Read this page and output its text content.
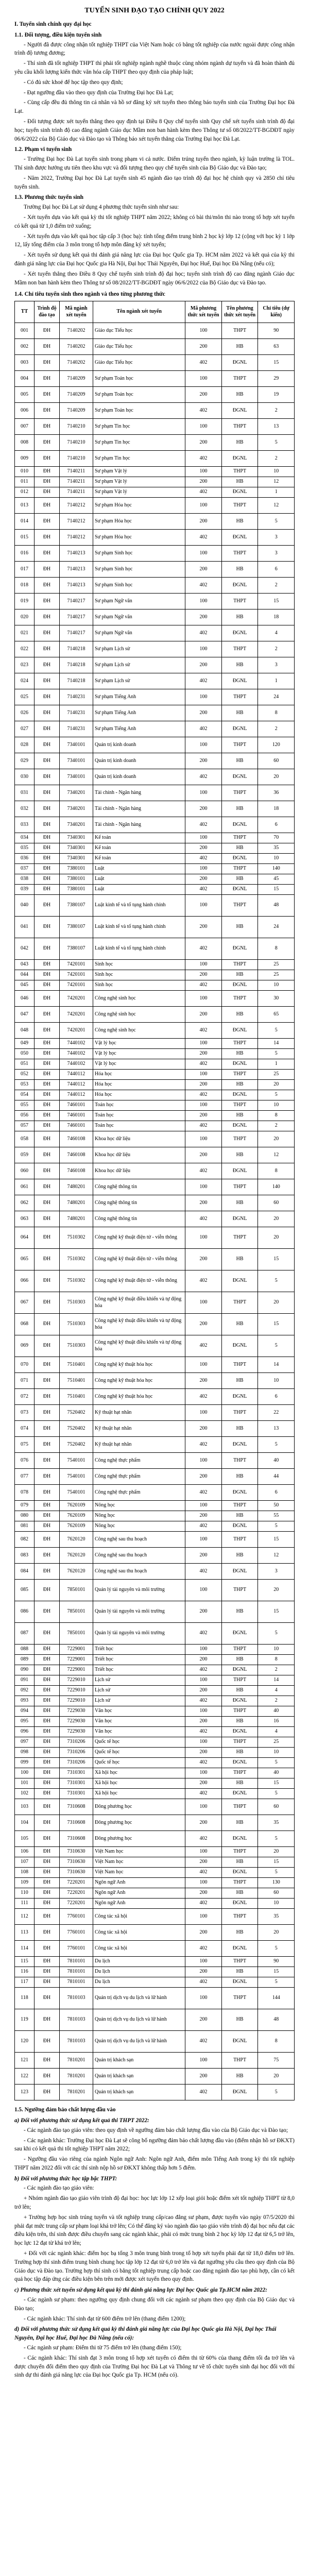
TUYỂN SINH ĐẠO TẠO CHÍNH QUY 2022
I. Tuyển sinh chính quy đại học
1.1. Đối tượng, điều kiện tuyển sinh

- Người đã được công nhận tốt nghiệp THPT của Việt Nam hoặc có bằng tốt nghiệp của nước ngoài được công nhận trình độ tương đương;

- Thí sinh đã tốt nghiệp THPT thì phải tốt nghiệp ngành nghề thuộc cùng nhóm ngành dự tuyển và đã hoàn thành đủ yêu cầu khối lượng kiến thức văn hóa cấp THPT theo quy định của pháp luật;

- Có đủ sức khoẻ để học tập theo quy định;

- Đạt ngưỡng đầu vào theo quy định của Trường Đại học Đà Lạt;

- Cùng cấp đều đủ thông tin cá nhân và hồ sơ đăng ký xét tuyển theo thông báo tuyển sinh của Trường Đại học Đà Lạt.

- Đối tượng được xét tuyển thẳng theo quy định tại Điều 8 Quy chế tuyển sinh Quy chế xét tuyển sinh trình độ đại học; tuyển sinh trình độ cao đẳng ngành Giáo dục Mầm non ban hành kèm theo Thông tư số 08/2022/TT-BGDĐT ngày 06/6/2022 của Bộ Giáo dục và Đào tạo và Thông báo xét tuyển thẳng của Trường Đại học Đà Lạt.

1.2. Phạm vi tuyển sinh

- Trường Đại học Đà Lạt tuyển sinh trong phạm vi cả nước. Điểm trúng tuyển theo ngành, kỳ luận trường là TOL. Thí sinh được hưởng ưu tiên theo khu vực và đối tượng theo quy chế tuyển sinh của Bộ Giáo dục và Đào tạo;

- Năm 2022, Trường Đại học Đà Lạt tuyển sinh 45 ngành đào tạo trình độ đại học hệ chính quy và 2850 chỉ tiêu tuyển sinh.

1.3. Phương thức tuyển sinh

Trường Đại học Đà Lạt sử dụng 4 phương thức tuyển sinh như sau:

- Xét tuyển dựa vào kết quả kỳ thi tốt nghiệp THPT năm 2022; không có bài thi/môn thi nào trong tổ hợp xét tuyển có kết quả từ 1,0 điểm trở xuống;

- Xét tuyển dựa vào kết quả học tập cấp 3 (học bạ): tính tổng điểm trung bình 2 học kỳ lớp 12 (cộng với học kỳ 1 lớp 12, lấy tổng điểm của 3 môn trong tổ hợp môn đăng ký xét tuyển;

- Xét tuyển sử dụng kết quả thi đánh giá năng lực của Đại học Quốc gia Tp. HCM năm 2022 và kết quả của kỳ thi đánh giá năng lực của Đại học Quốc gia Hà Nội, Đại học Thái Nguyên, Đại học Huế, Đại học Đà Nẵng (nếu có);

- Xét tuyển thẳng theo Điều 8 Quy chế tuyển sinh trình độ đại học; tuyển sinh trình độ cao đẳng ngành Giáo dục Mầm non ban hành kèm theo Thông tư số 08/2022/TT-BGDĐT ngày 06/6/2022 của Bộ Giáo dục và Đào tạo.

1.4. Chỉ tiêu tuyển sinh theo ngành và theo từng phương thức
TT	Trình độ đào tạo	Mã ngành xét tuyển	Tên ngành xét tuyển	Mã phương thức xét tuyển	Tên phương thức xét tuyển	Chỉ tiêu (dự kiến)
001	ĐH	7140202	Giáo dục Tiểu học	100	THPT	90
002	ĐH	7140202	Giáo dục Tiểu học	200	HB	63
003	ĐH	7140202	Giáo dục Tiểu học	402	ĐGNL	15
004	ĐH	7140209	Sư phạm Toán học	100	THPT	29
005	ĐH	7140209	Sư phạm Toán học	200	HB	19
006	ĐH	7140209	Sư phạm Toán học	402	ĐGNL	2
007	ĐH	7140210	Sư phạm Tin học	100	THPT	13
008	ĐH	7140210	Sư phạm Tin học	200	HB	5
009	ĐH	7140210	Sư phạm Tin học	402	ĐGNL	2
010	ĐH	7140211	Sư phạm Vật lý	100	THPT	10
011	ĐH	7140211	Sư phạm Vật lý	200	HB	12
012	ĐH	7140211	Sư phạm Vật lý	402	ĐGNL	1
013	ĐH	7140212	Sư phạm Hóa học	100	THPT	12
014	ĐH	7140212	Sư phạm Hóa học	200	HB	5
015	ĐH	7140212	Sư phạm Hóa học	402	ĐGNL	3
016	ĐH	7140213	Sư phạm Sinh học	100	THPT	3
017	ĐH	7140213	Sư phạm Sinh học	200	HB	6
018	ĐH	7140213	Sư phạm Sinh học	402	ĐGNL	2
019	ĐH	7140217	Sư phạm Ngữ văn	100	THPT	15
020	ĐH	7140217	Sư phạm Ngữ văn	200	HB	18
021	ĐH	7140217	Sư phạm Ngữ văn	402	ĐGNL	4
022	ĐH	7140218	Sư phạm Lịch sử	100	THPT	2
023	ĐH	7140218	Sư phạm Lịch sử	200	HB	3
024	ĐH	7140218	Sư phạm Lịch sử	402	ĐGNL	1
025	ĐH	7140231	Sư phạm Tiếng Anh	100	THPT	24
026	ĐH	7140231	Sư phạm Tiếng Anh	200	HB	8
027	ĐH	7140231	Sư phạm Tiếng Anh	402	ĐGNL	2
028	ĐH	7340101	Quản trị kinh doanh	100	THPT	120
029	ĐH	7340101	Quản trị kinh doanh	200	HB	60
030	ĐH	7340101	Quản trị kinh doanh	402	ĐGNL	20
031	ĐH	7340201	Tài chính - Ngân hàng	100	THPT	36
032	ĐH	7340201	Tài chính - Ngân hàng	200	HB	18
033	ĐH	7340201	Tài chính - Ngân hàng	402	ĐGNL	6
034	ĐH	7340301	Kế toán	100	THPT	70
035	ĐH	7340301	Kế toán	200	HB	35
036	ĐH	7340301	Kế toán	402	ĐGNL	10
037	ĐH	7380101	Luật	100	THPT	140
038	ĐH	7380101	Luật	200	HB	45
039	ĐH	7380101	Luật	402	ĐGNL	15
040	ĐH	7380107	Luật kinh tế và tố tụng hành chính	100	THPT	48
041	ĐH	7380107	Luật kinh tế và tố tụng hành chính	200	HB	24
042	ĐH	7380107	Luật kinh tế và tố tụng hành chính	402	ĐGNL	8
043	ĐH	7420101	Sinh học	100	THPT	25
044	ĐH	7420101	Sinh học	200	HB	25
045	ĐH	7420101	Sinh học	402	ĐGNL	10
046	ĐH	7420201	Công nghệ sinh học	100	THPT	30
047	ĐH	7420201	Công nghệ sinh học	200	HB	65
048	ĐH	7420201	Công nghệ sinh học	402	ĐGNL	5
049	ĐH	7440102	Vật lý học	100	THPT	14
050	ĐH	7440102	Vật lý học	200	HB	5
051	ĐH	7440102	Vật lý học	402	ĐGNL	1
052	ĐH	7440112	Hóa học	100	THPT	25
053	ĐH	7440112	Hóa học	200	HB	20
054	ĐH	7440112	Hóa học	402	ĐGNL	5
055	ĐH	7460101	Toán học	100	THPT	10
056	ĐH	7460101	Toán học	200	HB	8
057	ĐH	7460101	Toán học	402	ĐGNL	2
058	ĐH	7460108	Khoa học dữ liệu	100	THPT	20
059	ĐH	7460108	Khoa học dữ liệu	200	HB	12
060	ĐH	7460108	Khoa học dữ liệu	402	ĐGNL	8
061	ĐH	7480201	Công nghệ thông tin	100	THPT	140
062	ĐH	7480201	Công nghệ thông tin	200	HB	60
063	ĐH	7480201	Công nghệ thông tin	402	ĐGNL	20
064	ĐH	7510302	Công nghệ kỹ thuật điện tử - viễn thông	100	THPT	20
065	ĐH	7510302	Công nghệ kỹ thuật điện tử - viễn thông	200	HB	15
066	ĐH	7510302	Công nghệ kỹ thuật điện tử - viễn thông	402	ĐGNL	5
067	ĐH	7510303	Công nghệ kỹ thuật điều khiển và tự động hóa	100	THPT	20
068	ĐH	7510303	Công nghệ kỹ thuật điều khiển và tự động hóa	200	HB	15
069	ĐH	7510303	Công nghệ kỹ thuật điều khiển và tự động hóa	402	ĐGNL	5
070	ĐH	7510401	Công nghệ kỹ thuật hóa học	100	THPT	14
071	ĐH	7510401	Công nghệ kỹ thuật hóa học	200	HB	10
072	ĐH	7510401	Công nghệ kỹ thuật hóa học	402	ĐGNL	6
073	ĐH	7520402	Kỹ thuật hạt nhân	100	THPT	22
074	ĐH	7520402	Kỹ thuật hạt nhân	200	HB	13
075	ĐH	7520402	Kỹ thuật hạt nhân	402	ĐGNL	5
076	ĐH	7540101	Công nghệ thực phẩm	100	THPT	40
077	ĐH	7540101	Công nghệ thực phẩm	200	HB	44
078	ĐH	7540101	Công nghệ thực phẩm	402	ĐGNL	6
079	ĐH	7620109	Nông học	100	THPT	50
080	ĐH	7620109	Nông học	200	HB	55
081	ĐH	7620109	Nông học	402	ĐGNL	5
082	ĐH	7620120	Công nghệ sau thu hoạch	100	THPT	15
083	ĐH	7620120	Công nghệ sau thu hoạch	200	HB	12
084	ĐH	7620120	Công nghệ sau thu hoạch	402	ĐGNL	3
085	ĐH	7850101	Quản lý tài nguyên và môi trường	100	THPT	20
086	ĐH	7850101	Quản lý tài nguyên và môi trường	200	HB	15
087	ĐH	7850101	Quản lý tài nguyên và môi trường	402	ĐGNL	5
088	ĐH	7229001	Triết học	100	THPT	10
089	ĐH	7229001	Triết học	200	HB	8
090	ĐH	7229001	Triết học	402	ĐGNL	2
091	ĐH	7229010	Lịch sử	100	THPT	14
092	ĐH	7229010	Lịch sử	200	HB	4
093	ĐH	7229010	Lịch sử	402	ĐGNL	2
094	ĐH	7229030	Văn học	100	THPT	40
095	ĐH	7229030	Văn học	200	HB	16
096	ĐH	7229030	Văn học	402	ĐGNL	4
097	ĐH	7310206	Quốc tế học	100	THPT	25
098	ĐH	7310206	Quốc tế học	200	HB	10
099	ĐH	7310206	Quốc tế học	402	ĐGNL	5
100	ĐH	7310301	Xã hội học	100	THPT	40
101	ĐH	7310301	Xã hội học	200	HB	15
102	ĐH	7310301	Xã hội học	402	ĐGNL	5
103	ĐH	7310608	Đông phương học	100	THPT	60
104	ĐH	7310608	Đông phương học	200	HB	35
105	ĐH	7310608	Đông phương học	402	ĐGNL	5
106	ĐH	7310630	Việt Nam học	100	THPT	20
107	ĐH	7310630	Việt Nam học	200	HB	15
108	ĐH	7310630	Việt Nam học	402	ĐGNL	5
109	ĐH	7220201	Ngôn ngữ Anh	100	THPT	130
110	ĐH	7220201	Ngôn ngữ Anh	200	HB	60
111	ĐH	7220201	Ngôn ngữ Anh	402	ĐGNL	10
112	ĐH	7760101	Công tác xã hội	100	THPT	35
113	ĐH	7760101	Công tác xã hội	200	HB	20
114	ĐH	7760101	Công tác xã hội	402	ĐGNL	5
115	ĐH	7810101	Du lịch	100	THPT	90
116	ĐH	7810101	Du lịch	200	HB	15
117	ĐH	7810101	Du lịch	402	ĐGNL	5
118	ĐH	7810103	Quản trị dịch vụ du lịch và lữ hành	100	THPT	144
119	ĐH	7810103	Quản trị dịch vụ du lịch và lữ hành	200	HB	48
120	ĐH	7810103	Quản trị dịch vụ du lịch và lữ hành	402	ĐGNL	8
121	ĐH	7810201	Quản trị khách sạn	100	THPT	75
122	ĐH	7810201	Quản trị khách sạn	200	HB	20
123	ĐH	7810201	Quản trị khách sạn	402	ĐGNL	5
1.5. Ngưỡng đảm bảo chất lượng đầu vào
a) Đối với phương thức sử dụng kết quả thi THPT 2022:

- Các ngành đào tạo giáo viên: theo quy định về ngưỡng đảm bảo chất lượng đầu vào của Bộ Giáo dục và Đào tạo;

- Các ngành khác: Trường Đại học Đà Lạt sẽ công bố ngưỡng đảm bảo chất lượng đầu vào (điểm nhận hồ sơ ĐKXT) sau khi có kết quả thi tốt nghiệp THPT năm 2022;

- Ngưỡng đầu vào riêng của ngành Ngôn ngữ Anh: Ngôn ngữ Anh, điểm môn Tiếng Anh trong kỳ thi tốt nghiệp THPT năm 2022 đối với các thí sinh nộp hồ sơ ĐKXT không thấp hơn 5 điểm.

b) Đối với phương thức học tập bậc THPT:

- Các ngành đào tạo giáo viên:

+ Nhóm ngành đào tạo giáo viên trình độ đại học: học lực lớp 12 xếp loại giỏi hoặc điểm xét tốt nghiệp THPT từ 8,0 trở lên;

+ Trường hợp học sinh trúng tuyển và tốt nghiệp trung cấp/cao đẳng sư phạm, được tuyển vào ngày 07/5/2020 thì phải đạt mức trung cấp sư phạm loại khá trở lên; Có thể đăng ký vào ngành đào tạo giáo viên trình độ đại học nếu đạt các điều kiện trên, thí sinh được điều chuyển sang các ngành khác, phải có mức trung bình 2 học kỳ lớp 12 đạt từ 6,5 trở lên, học lực 12 đạt từ khá trở lên;

+ Đối với các ngành khác: điểm học bạ tổng 3 môn trung bình trong tổ hợp xét tuyển phải đạt từ 18,0 điểm trở lên. Trường hợp thí sinh điểm trung bình chung học tập lớp 12 đạt từ 6,0 trở lên và đạt ngưỡng yêu cầu theo quy định của Bộ Giáo dục và Đào tạo. Trường hợp thí sinh có bằng tốt nghiệp trung cấp hoặc cao đẳng ngành đào tạo phù hợp, cần có kết quả học tập đáp ứng các điều kiện bên trên mới được xét tuyển theo quy định.

c) Phương thức xét tuyển sử dụng kết quả kỳ thi đánh giá năng lực Đại học Quốc gia Tp.HCM năm 2022:

- Các ngành sư phạm: theo ngưỡng quy định chung đối với các ngành sư phạm theo quy định của Bộ Giáo dục và Đào tạo;

- Các ngành khác: Thí sinh đạt từ 600 điểm trở lên (thang điểm 1200);

d) Đối với phương thức sử dụng kết quả kỳ thi đánh giá năng lực của Đại học Quốc gia Hà Nội, Đại học Thái Nguyên, Đại học Huế, Đại học Đà Nẵng (nếu có):

- Các ngành sư phạm: Điểm thi từ 75 điểm trở lên (thang điểm 150);

- Các ngành khác: Thí sinh đạt 3 môn trong tổ hợp xét tuyển có điểm thi từ 60% của thang điểm tối đa trở lên và được chuyển đổi điểm theo quy định của Trường Đại học Đà Lạt và Thông tư về tổ chức tuyển sinh đại học đối với thí sinh dự thi đánh giá năng lực của Đại học Quốc gia Tp. HCM (nếu có).
